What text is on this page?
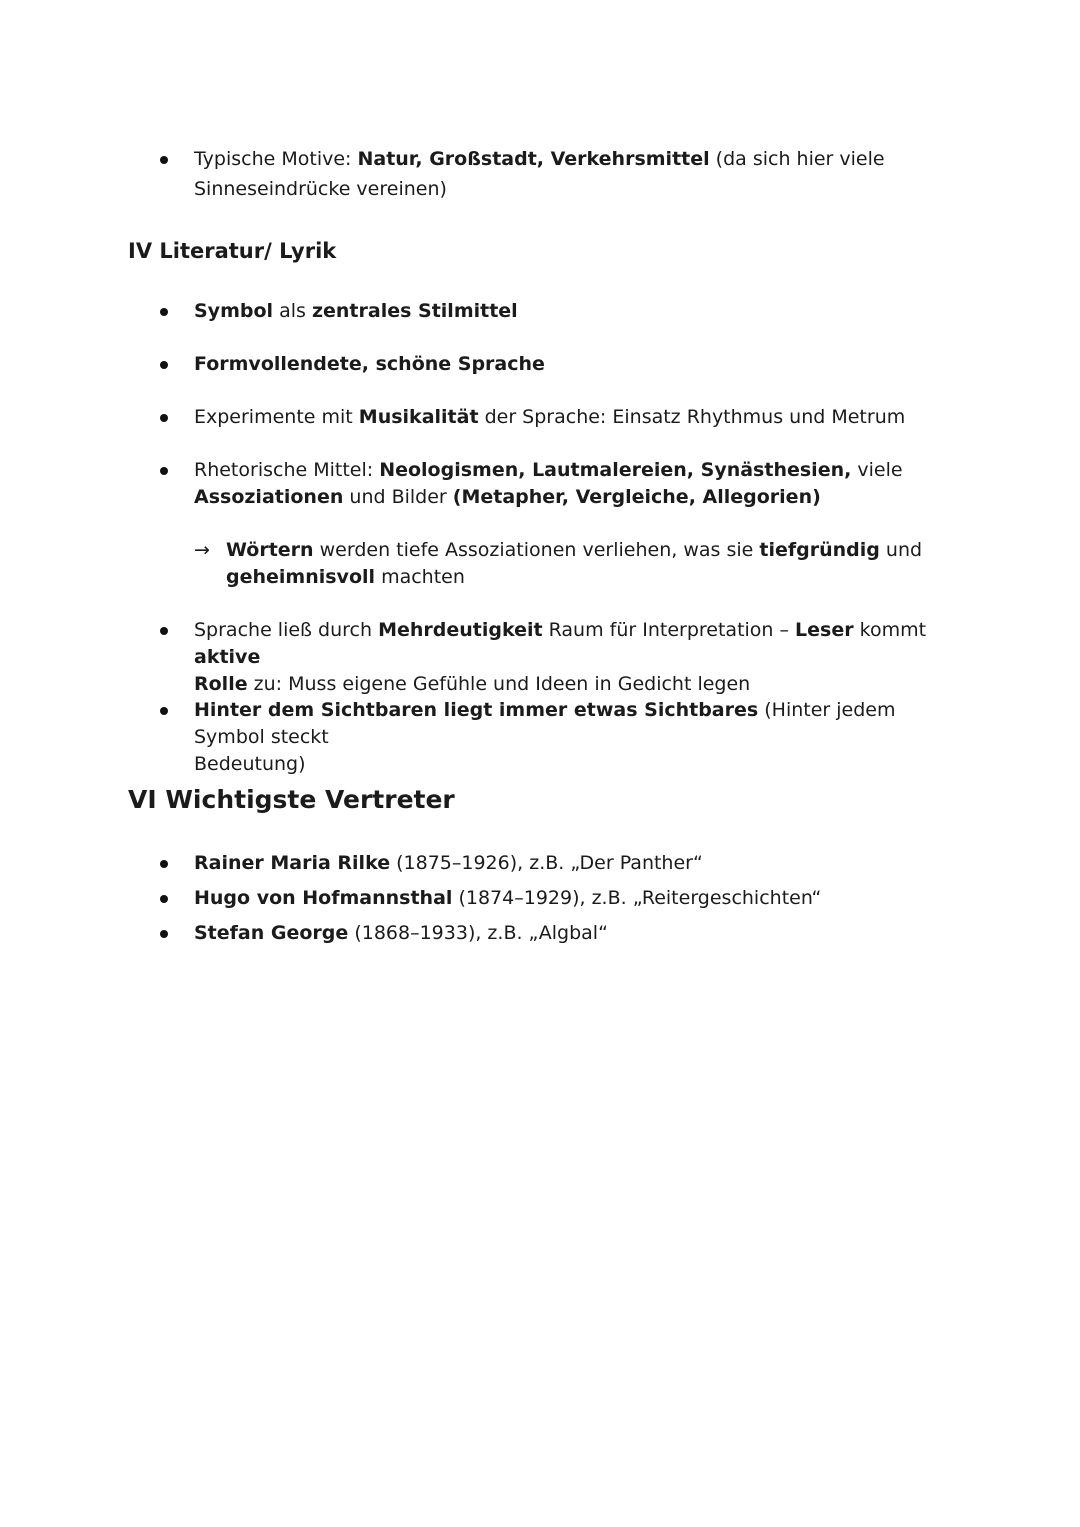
Typische Motive: Natur, Großstadt, Verkehrsmittel (da sich hier viele
Sinneseindrücke vereinen)
IV Literatur/ Lyrik
Symbol als zentrales Stilmittel
Formvollendete, schöne Sprache
Experimente mit Musikalität der Sprache: Einsatz Rhythmus und Metrum
Rhetorische Mittel: Neologismen, Lautmalereien, Synästhesien, viele
Assoziationen und Bilder (Metapher, Vergleiche, Allegorien)
→ Wörtern werden tiefe Assoziationen verliehen, was sie tiefgründig und
geheimnisvoll machten
Sprache ließ durch Mehrdeutigkeit Raum für Interpretation – Leser kommt aktive
Rolle zu: Muss eigene Gefühle und Ideen in Gedicht legen
Hinter dem Sichtbaren liegt immer etwas Sichtbares (Hinter jedem Symbol steckt
Bedeutung)
VI Wichtigste Vertreter
Rainer Maria Rilke (1875–1926), z.B. „Der Panther“
Hugo von Hofmannsthal (1874–1929), z.B. „Reitergeschichten“
Stefan George (1868–1933), z.B. „Algbal“
